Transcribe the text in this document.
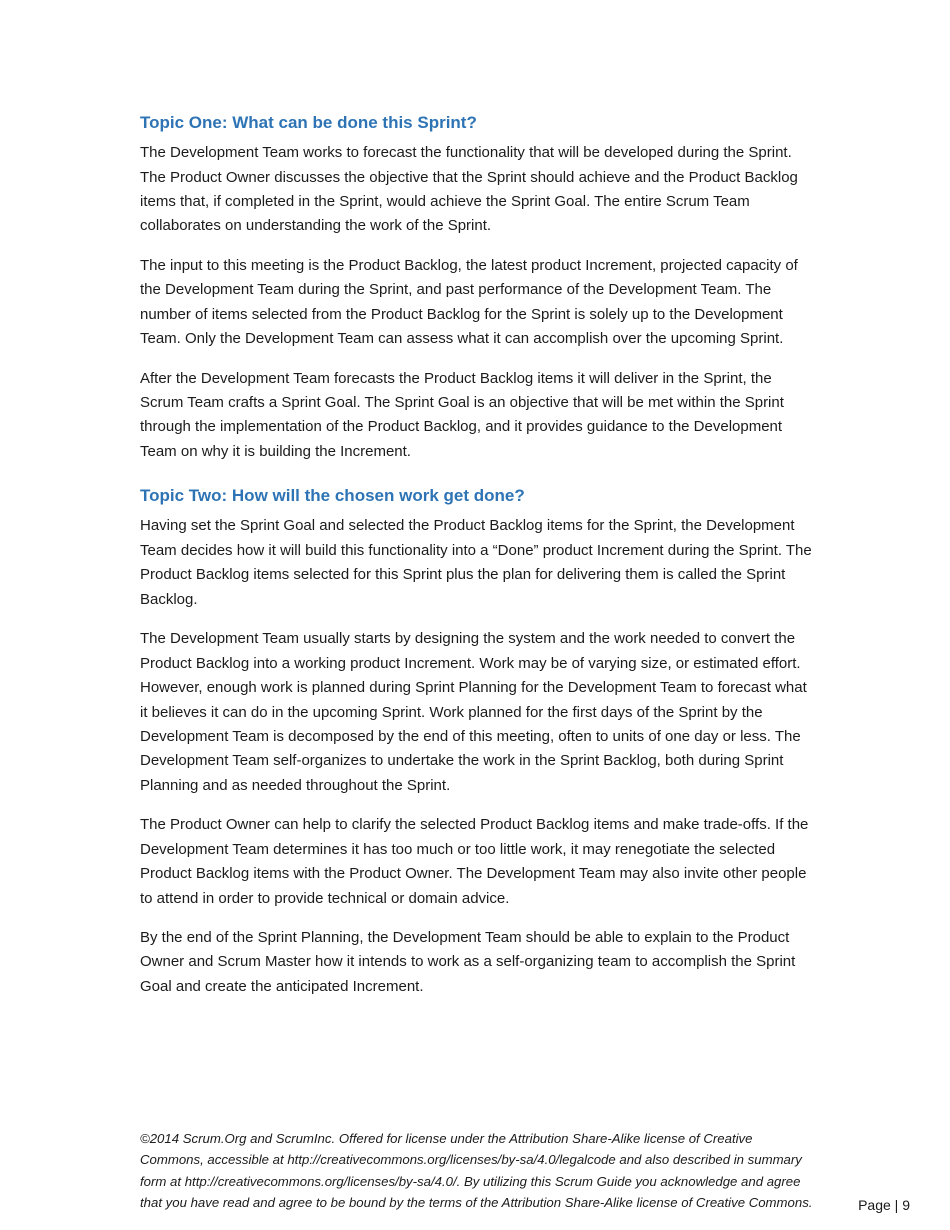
Topic One: What can be done this Sprint?

The Development Team works to forecast the functionality that will be developed during the Sprint. The Product Owner discusses the objective that the Sprint should achieve and the Product Backlog items that, if completed in the Sprint, would achieve the Sprint Goal. The entire Scrum Team collaborates on understanding the work of the Sprint.

The input to this meeting is the Product Backlog, the latest product Increment, projected capacity of the Development Team during the Sprint, and past performance of the Development Team. The number of items selected from the Product Backlog for the Sprint is solely up to the Development Team. Only the Development Team can assess what it can accomplish over the upcoming Sprint.

After the Development Team forecasts the Product Backlog items it will deliver in the Sprint, the Scrum Team crafts a Sprint Goal. The Sprint Goal is an objective that will be met within the Sprint through the implementation of the Product Backlog, and it provides guidance to the Development Team on why it is building the Increment.

Topic Two: How will the chosen work get done?

Having set the Sprint Goal and selected the Product Backlog items for the Sprint, the Development Team decides how it will build this functionality into a “Done” product Increment during the Sprint. The Product Backlog items selected for this Sprint plus the plan for delivering them is called the Sprint Backlog.

The Development Team usually starts by designing the system and the work needed to convert the Product Backlog into a working product Increment. Work may be of varying size, or estimated effort. However, enough work is planned during Sprint Planning for the Development Team to forecast what it believes it can do in the upcoming Sprint. Work planned for the first days of the Sprint by the Development Team is decomposed by the end of this meeting, often to units of one day or less. The Development Team self-organizes to undertake the work in the Sprint Backlog, both during Sprint Planning and as needed throughout the Sprint.

The Product Owner can help to clarify the selected Product Backlog items and make trade-offs. If the Development Team determines it has too much or too little work, it may renegotiate the selected Product Backlog items with the Product Owner. The Development Team may also invite other people to attend in order to provide technical or domain advice.

By the end of the Sprint Planning, the Development Team should be able to explain to the Product Owner and Scrum Master how it intends to work as a self-organizing team to accomplish the Sprint Goal and create the anticipated Increment.

©2014 Scrum.Org and ScrumInc. Offered for license under the Attribution Share-Alike license of Creative Commons, accessible at http://creativecommons.org/licenses/by-sa/4.0/legalcode and also described in summary form at http://creativecommons.org/licenses/by-sa/4.0/. By utilizing this Scrum Guide you acknowledge and agree that you have read and agree to be bound by the terms of the Attribution Share-Alike license of Creative Commons.	Page | 9
